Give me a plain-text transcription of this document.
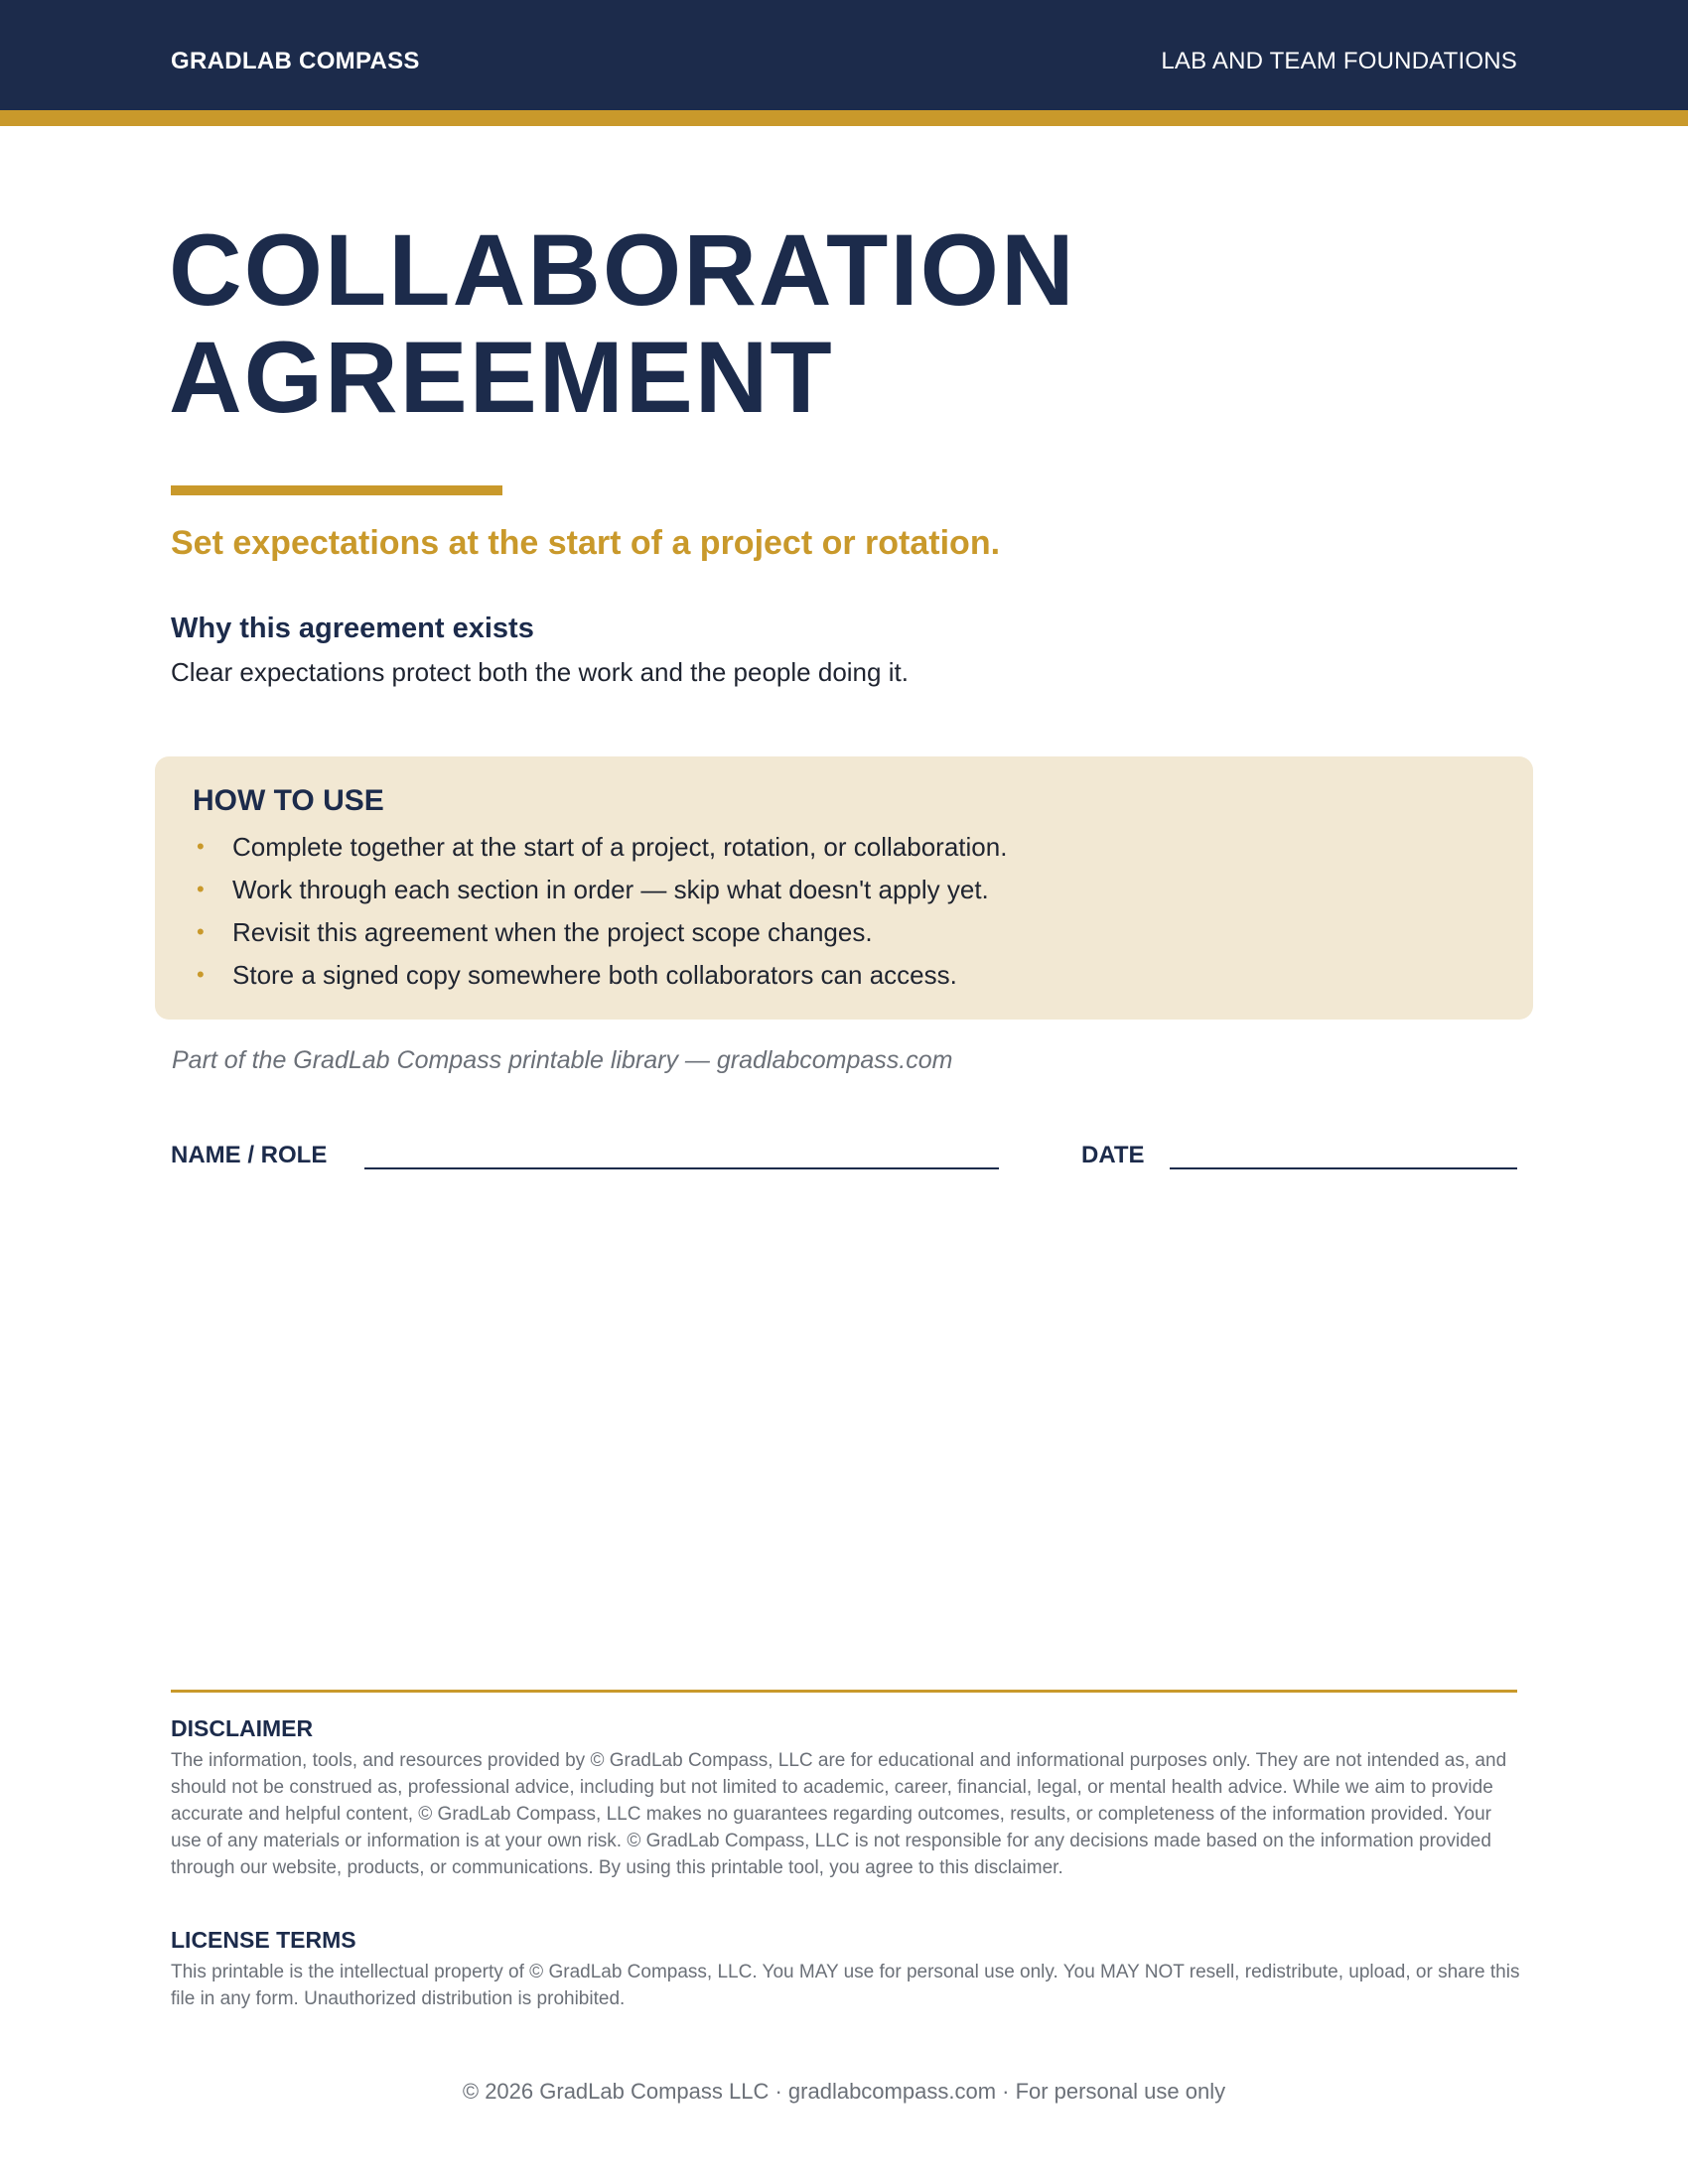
GRADLAB COMPASS	LAB AND TEAM FOUNDATIONS
COLLABORATION
AGREEMENT
Set expectations at the start of a project or rotation.
Why this agreement exists
Clear expectations protect both the work and the people doing it.
HOW TO USE
• Complete together at the start of a project, rotation, or collaboration.
• Work through each section in order — skip what doesn't apply yet.
• Revisit this agreement when the project scope changes.
• Store a signed copy somewhere both collaborators can access.
Part of the GradLab Compass printable library — gradlabcompass.com
NAME / ROLE	DATE
DISCLAIMER

The information, tools, and resources provided by © GradLab Compass, LLC are for educational and informational purposes only. They are not intended as, and should not be construed as, professional advice, including but not limited to academic, career, financial, legal, or mental health advice. While we aim to provide accurate and helpful content, © GradLab Compass, LLC makes no guarantees regarding outcomes, results, or completeness of the information provided. Your use of any materials or information is at your own risk. © GradLab Compass, LLC is not responsible for any decisions made based on the information provided through our website, products, or communications. By using this printable tool, you agree to this disclaimer.

LICENSE TERMS

This printable is the intellectual property of © GradLab Compass, LLC. You MAY use for personal use only. You MAY NOT resell, redistribute, upload, or share this file in any form. Unauthorized distribution is prohibited.

© 2026 GradLab Compass LLC · gradlabcompass.com · For personal use only
